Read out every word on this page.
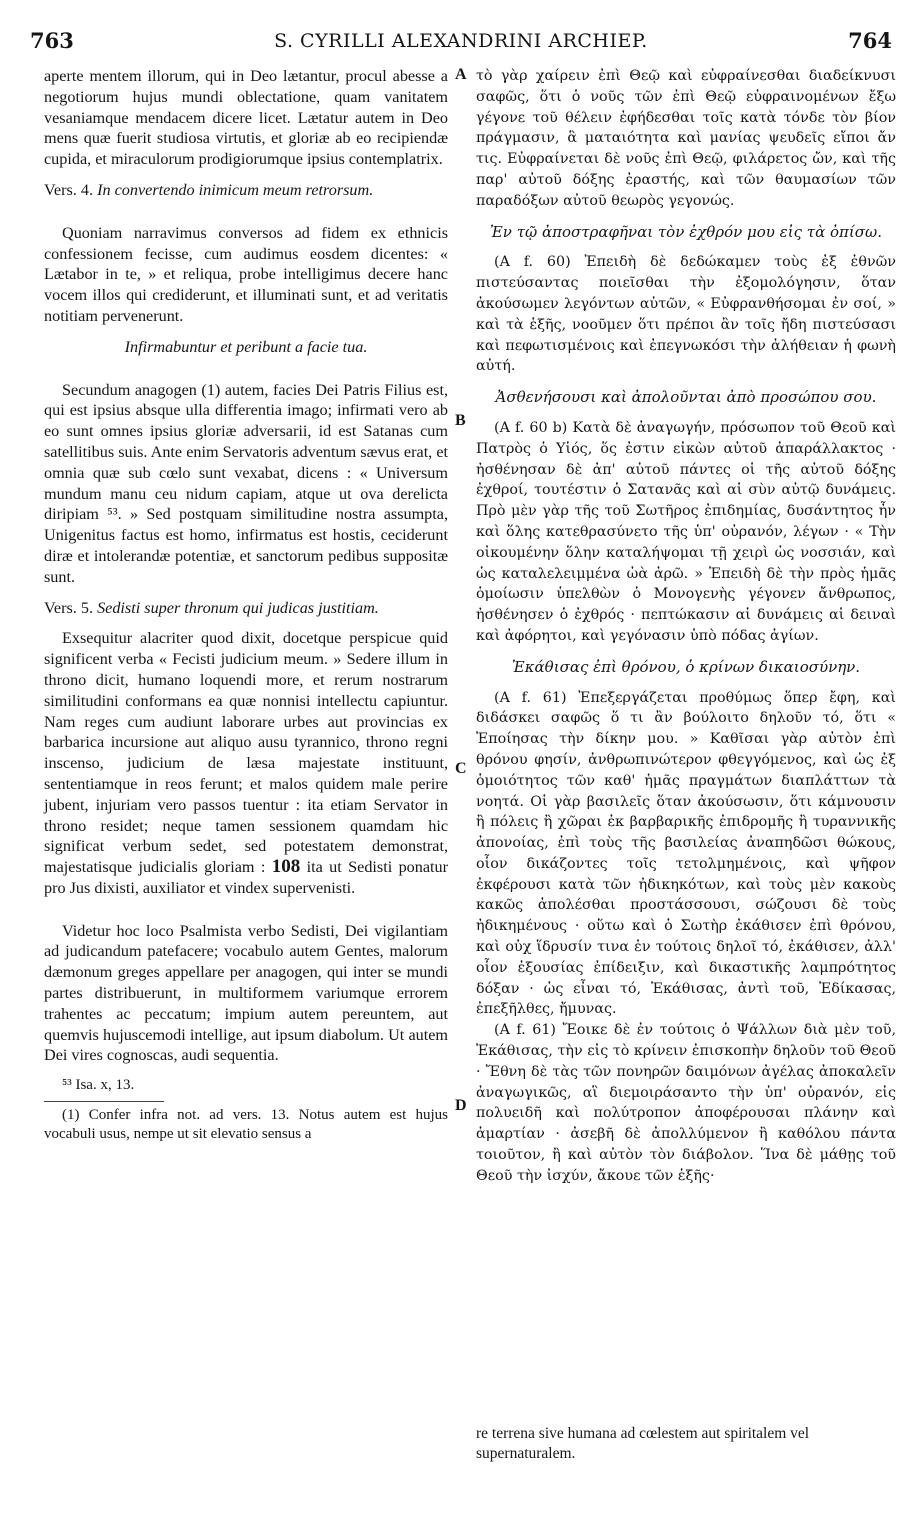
763	S. CYRILLI ALEXANDRINI ARCHIEP.	764
A
B
C
D

aperte mentem illorum, qui in Deo lætantur, procul abesse a negotiorum hujus mundi oblectatione, quam vanitatem vesaniamque mendacem dicere licet. Lætatur autem in Deo mens quæ fuerit studiosa virtutis, et gloriæ ab eo recipiendæ cupida, et miraculorum prodigiorumque ipsius contemplatrix.

Vers. 4. In convertendo inimicum meum retrorsum.

Quoniam narravimus conversos ad fidem ex ethnicis confessionem fecisse, cum audimus eosdem dicentes: « Lætabor in te, » et reliqua, probe intelligimus decere hanc vocem illos qui crediderunt, et illuminati sunt, et ad veritatis notitiam pervenerunt.

Infirmabuntur et peribunt a facie tua.

Secundum anagogen (1) autem, facies Dei Patris Filius est, qui est ipsius absque ulla differentia imago; infirmati vero ab eo sunt omnes ipsius gloriæ adversarii, id est Satanas cum satellitibus suis. Ante enim Servatoris adventum sævus erat, et omnia quæ sub cœlo sunt vexabat, dicens : « Universum mundum manu ceu nidum capiam, atque ut ova derelicta diripiam ⁵³. » Sed postquam similitudine nostra assumpta, Unigenitus factus est homo, infirmatus est hostis, ceciderunt diræ et intolerandæ potentiæ, et sanctorum pedibus suppositæ sunt.

Vers. 5. Sedisti super thronum qui judicas justitiam.

Exsequitur alacriter quod dixit, docetque perspicue quid significent verba « Fecisti judicium meum. » Sedere illum in throno dicit, humano loquendi more, et rerum nostrarum similitudini conformans ea quæ nonnisi intellectu capiuntur. Nam reges cum audiunt laborare urbes aut provincias ex barbarica incursione aut aliquo ausu tyrannico, throno regni inscenso, judicium de læsa majestate instituunt, sententiamque in reos ferunt; et malos quidem male perire jubent, injuriam vero passos tuentur : ita etiam Servator in throno residet; neque tamen sessionem quamdam hic significat verbum sedet, sed potestatem demonstrat, majestatisque judicialis gloriam : 108 ita ut Sedisti ponatur pro Jus dixisti, auxiliator et vindex supervenisti.

Videtur hoc loco Psalmista verbo Sedisti, Dei vigilantiam ad judicandum patefacere; vocabulo autem Gentes, malorum dæmonum greges appellare per anagogen, qui inter se mundi partes distribuerunt, in multiformem variumque errorem trahentes ac peccatum; impium autem pereuntem, aut quemvis hujuscemodi intellige, aut ipsum diabolum. Ut autem Dei vires cognoscas, audi sequentia.

⁵³ Isa. x, 13.

(1) Confer infra not. ad vers. 13. Notus autem est hujus vocabuli usus, nempe ut sit elevatio sensus a

τὸ γὰρ χαίρειν ἐπὶ Θεῷ καὶ εὐφραίνεσθαι διαδείκνυσι σαφῶς, ὅτι ὁ νοῦς τῶν ἐπὶ Θεῷ εὐφραινομένων ἔξω γέγονε τοῦ θέλειν ἐφήδεσθαι τοῖς κατὰ τόνδε τὸν βίον πράγμασιν, ἃ ματαιότητα καὶ μανίας ψευδεῖς εἴποι ἄν τις. Εὐφραίνεται δὲ νοῦς ἐπὶ Θεῷ, φιλάρετος ὤν, καὶ τῆς παρ' αὐτοῦ δόξης ἐραστής, καὶ τῶν θαυμασίων τῶν παραδόξων αὐτοῦ θεωρὸς γεγονώς.

Ἐν τῷ ἀποστραφῆναι τὸν ἐχθρόν μου εἰς τὰ ὀπίσω.

(A f. 60) Ἐπειδὴ δὲ δεδώκαμεν τοὺς ἐξ ἐθνῶν πιστεύσαντας ποιεῖσθαι τὴν ἐξομολόγησιν, ὅταν ἀκούσωμεν λεγόντων αὐτῶν, « Εὐφρανθήσομαι ἐν σοί, » καὶ τὰ ἑξῆς, νοοῦμεν ὅτι πρέποι ἂν τοῖς ἤδη πιστεύσασι καὶ πεφωτισμένοις καὶ ἐπεγνωκόσι τὴν ἀλήθειαν ἡ φωνὴ αὐτή.

Ἀσθενήσουσι καὶ ἀπολοῦνται ἀπὸ προσώπου σου.

(A f. 60 b) Κατὰ δὲ ἀναγωγήν, πρόσωπον τοῦ Θεοῦ καὶ Πατρὸς ὁ Υἱός, ὅς ἐστιν εἰκὼν αὐτοῦ ἀπαράλλακτος · ἠσθένησαν δὲ ἀπ' αὐτοῦ πάντες οἱ τῆς αὐτοῦ δόξης ἐχθροί, τουτέστιν ὁ Σατανᾶς καὶ αἱ σὺν αὐτῷ δυνάμεις. Πρὸ μὲν γὰρ τῆς τοῦ Σωτῆρος ἐπιδημίας, δυσάντητος ἦν καὶ ὅλης κατεθρασύνετο τῆς ὑπ' οὐρανόν, λέγων · « Τὴν οἰκουμένην ὅλην καταλήψομαι τῇ χειρὶ ὡς νοσσιάν, καὶ ὡς καταλελειμμένα ὠὰ ἀρῶ. » Ἐπειδὴ δὲ τὴν πρὸς ἡμᾶς ὁμοίωσιν ὑπελθὼν ὁ Μονογενὴς γέγονεν ἄνθρωπος, ἠσθένησεν ὁ ἐχθρός · πεπτώκασιν αἱ δυνάμεις αἱ δειναὶ καὶ ἀφόρητοι, καὶ γεγόνασιν ὑπὸ πόδας ἁγίων.

Ἐκάθισας ἐπὶ θρόνου, ὁ κρίνων δικαιοσύνην.

(A f. 61) Ἐπεξεργάζεται προθύμως ὅπερ ἔφη, καὶ διδάσκει σαφῶς ὅ τι ἂν βούλοιτο δηλοῦν τό, ὅτι « Ἐποίησας τὴν δίκην μου. » Καθῖσαι γὰρ αὐτὸν ἐπὶ θρόνου φησίν, ἀνθρωπινώτερον φθεγγόμενος, καὶ ὡς ἐξ ὁμοιότητος τῶν καθ' ἡμᾶς πραγμάτων διαπλάττων τὰ νοητά. Οἱ γὰρ βασιλεῖς ὅταν ἀκούσωσιν, ὅτι κάμνουσιν ἢ πόλεις ἢ χῶραι ἐκ βαρβαρικῆς ἐπιδρομῆς ἢ τυραννικῆς ἀπονοίας, ἐπὶ τοὺς τῆς βασιλείας ἀναπηδῶσι θώκους, οἷον δικάζοντες τοῖς τετολμημένοις, καὶ ψῆφον ἐκφέρουσι κατὰ τῶν ἠδικηκότων, καὶ τοὺς μὲν κακοὺς κακῶς ἀπολέσθαι προστάσσουσι, σώζουσι δὲ τοὺς ἠδικημένους · οὕτω καὶ ὁ Σωτὴρ ἐκάθισεν ἐπὶ θρόνου, καὶ οὐχ ἵδρυσίν τινα ἐν τούτοις δηλοῖ τό, ἐκάθισεν, ἀλλ' οἷον ἐξουσίας ἐπίδειξιν, καὶ δικαστικῆς λαμπρότητος δόξαν · ὡς εἶναι τό, Ἐκάθισας, ἀντὶ τοῦ, Ἐδίκασας, ἐπεξῆλθες, ἤμυνας.

(A f. 61) Ἔοικε δὲ ἐν τούτοις ὁ Ψάλλων διὰ μὲν τοῦ, Ἐκάθισας, τὴν εἰς τὸ κρίνειν ἐπισκοπὴν δηλοῦν τοῦ Θεοῦ · Ἔθνη δὲ τὰς τῶν πονηρῶν δαιμόνων ἀγέλας ἀποκαλεῖν ἀναγωγικῶς, αἳ διεμοιράσαντο τὴν ὑπ' οὐρανόν, εἰς πολυειδῆ καὶ πολύτροπον ἀποφέρουσαι πλάνην καὶ ἁμαρτίαν · ἀσεβῆ δὲ ἀπολλύμενον ἢ καθόλου πάντα τοιοῦτον, ἢ καὶ αὐτὸν τὸν διάβολον. Ἵνα δὲ μάθῃς τοῦ Θεοῦ τὴν ἰσχύν, ἄκουε τῶν ἑξῆς·

re terrena sive humana ad cœlestem aut spiritalem vel supernaturalem.
